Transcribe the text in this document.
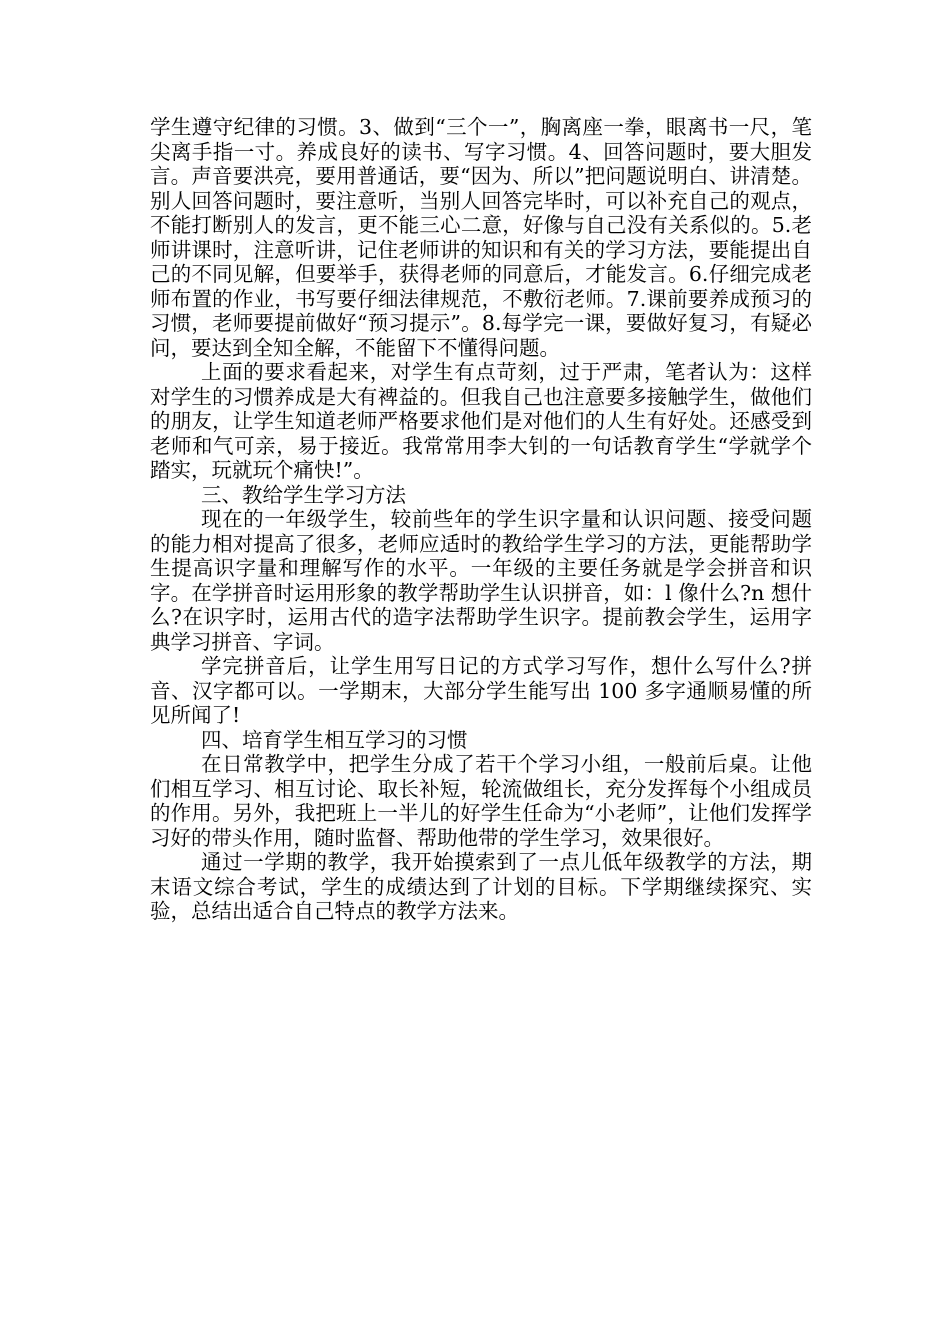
学生遵守纪律的习惯。3、做到“三个一”，胸离座一拳，眼离书一尺，笔尖离手指一寸。养成良好的读书、写字习惯。4、回答问题时，要大胆发言。声音要洪亮，要用普通话，要“因为、所以”把问题说明白、讲清楚。别人回答问题时，要注意听，当别人回答完毕时，可以补充自己的观点，不能打断别人的发言，更不能三心二意，好像与自己没有关系似的。5.老师讲课时，注意听讲，记住老师讲的知识和有关的学习方法，要能提出自己的不同见解，但要举手，获得老师的同意后，才能发言。6.仔细完成老师布置的作业，书写要仔细法律规范，不敷衍老师。7.课前要养成预习的习惯，老师要提前做好“预习提示”。8.每学完一课，要做好复习，有疑必问，要达到全知全解，不能留下不懂得问题。

上面的要求看起来，对学生有点苛刻，过于严肃，笔者认为：这样对学生的习惯养成是大有裨益的。但我自己也注意要多接触学生，做他们的朋友，让学生知道老师严格要求他们是对他们的人生有好处。还感受到老师和气可亲，易于接近。我常常用李大钊的一句话教育学生“学就学个踏实，玩就玩个痛快!”。

三、教给学生学习方法

现在的一年级学生，较前些年的学生识字量和认识问题、接受问题的能力相对提高了很多，老师应适时的教给学生学习的方法，更能帮助学生提高识字量和理解写作的水平。一年级的主要任务就是学会拼音和识字。在学拼音时运用形象的教学帮助学生认识拼音，如：l 像什么?n 想什么?在识字时，运用古代的造字法帮助学生识字。提前教会学生，运用字典学习拼音、字词。

学完拼音后，让学生用写日记的方式学习写作，想什么写什么?拼音、汉字都可以。一学期末，大部分学生能写出 100 多字通顺易懂的所见所闻了!

四、培育学生相互学习的习惯

在日常教学中，把学生分成了若干个学习小组，一般前后桌。让他们相互学习、相互讨论、取长补短，轮流做组长，充分发挥每个小组成员的作用。另外，我把班上一半儿的好学生任命为“小老师”，让他们发挥学习好的带头作用，随时监督、帮助他带的学生学习，效果很好。

通过一学期的教学，我开始摸索到了一点儿低年级教学的方法，期末语文综合考试，学生的成绩达到了计划的目标。下学期继续探究、实验，总结出适合自己特点的教学方法来。
